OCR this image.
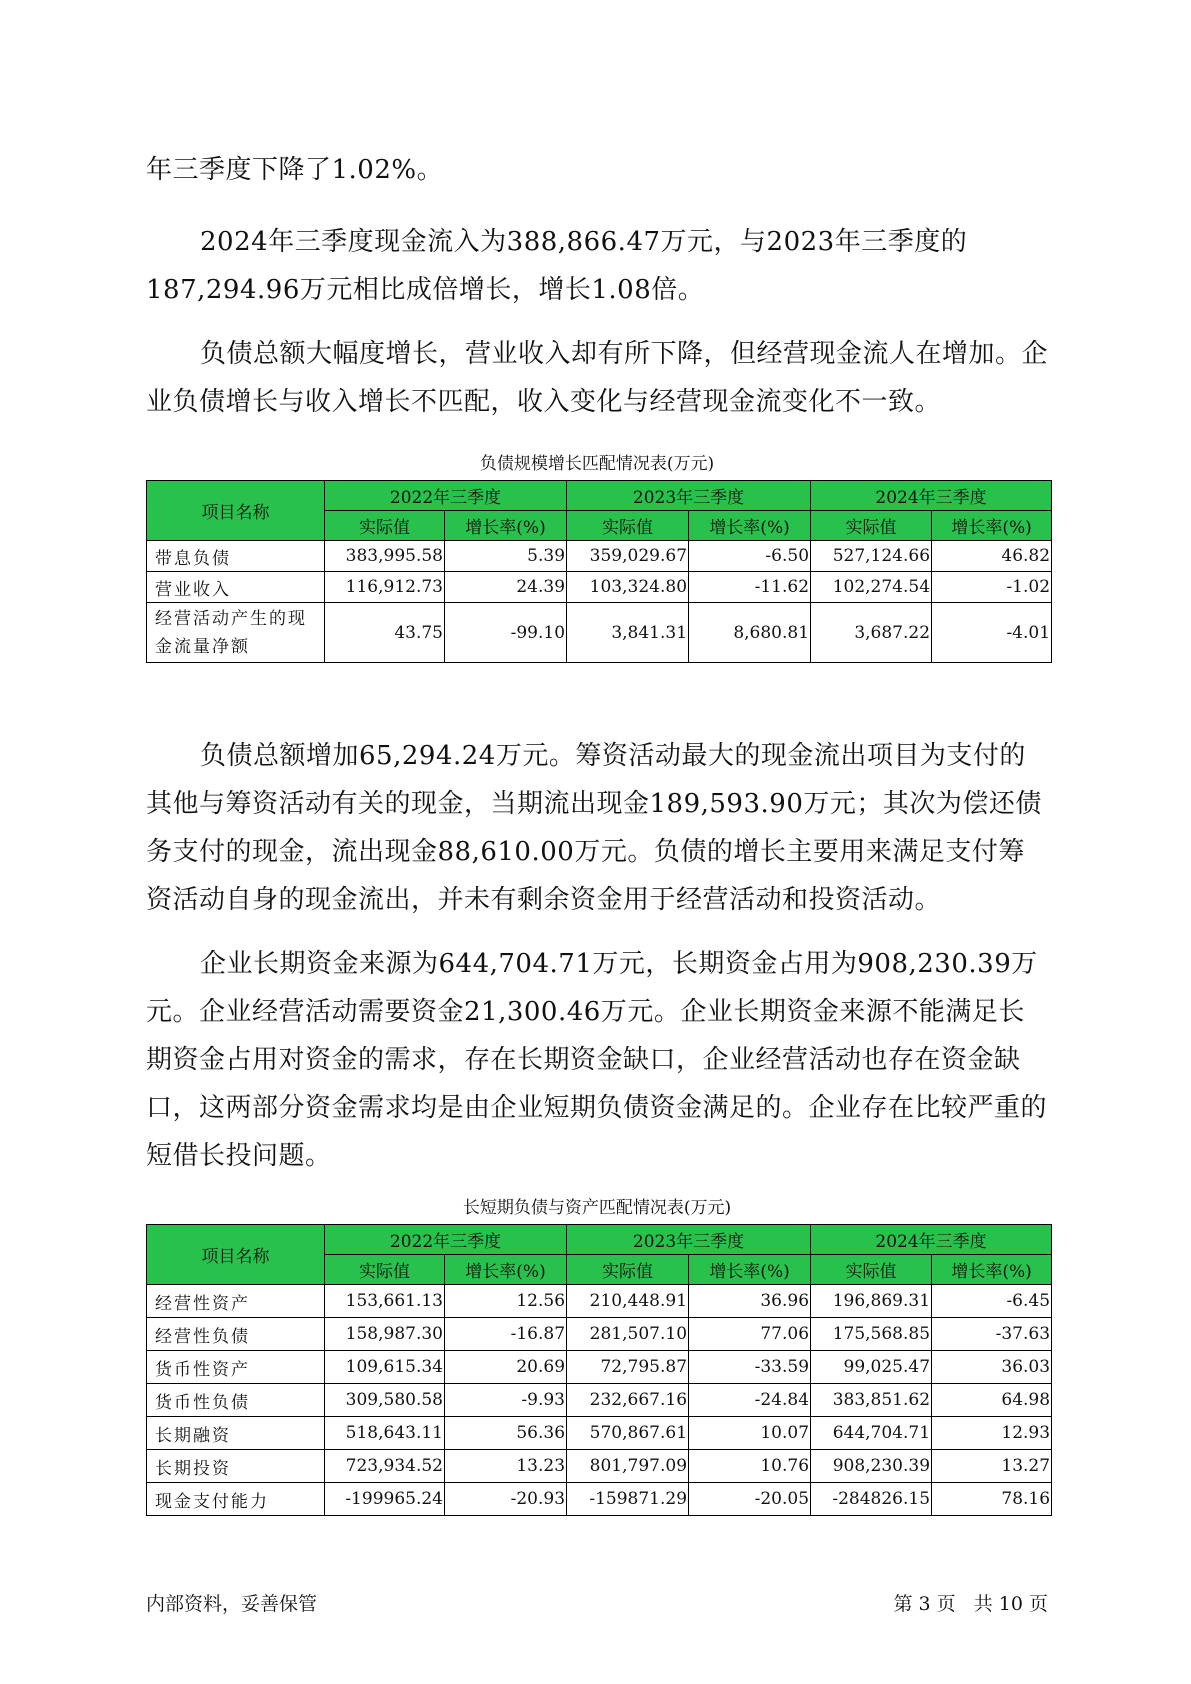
年三季度下降了1.02%。

2024年三季度现金流入为388,866.47万元，与2023年三季度的187,294.96万元相比成倍增长，增长1.08倍。

负债总额大幅度增长，营业收入却有所下降，但经营现金流人在增加。企业负债增长与收入增长不匹配，收入变化与经营现金流变化不一致。

负债规模增长匹配情况表(万元)
项目名称	2022年三季度		2023年三季度		2024年三季度	
	实际值	增长率(%)	实际值	增长率(%)	实际值	增长率(%)
带息负债	383,995.58	5.39	359,029.67	-6.50	527,124.66	46.82
营业收入	116,912.73	24.39	103,324.80	-11.62	102,274.54	-1.02
经营活动产生的现金流量净额	43.75	-99.10	3,841.31	8,680.81	3,687.22	-4.01

负债总额增加65,294.24万元。筹资活动最大的现金流出项目为支付的其他与筹资活动有关的现金，当期流出现金189,593.90万元；其次为偿还债务支付的现金，流出现金88,610.00万元。负债的增长主要用来满足支付筹资活动自身的现金流出，并未有剩余资金用于经营活动和投资活动。

企业长期资金来源为644,704.71万元，长期资金占用为908,230.39万元。企业经营活动需要资金21,300.46万元。企业长期资金来源不能满足长期资金占用对资金的需求，存在长期资金缺口，企业经营活动也存在资金缺口，这两部分资金需求均是由企业短期负债资金满足的。企业存在比较严重的短借长投问题。

长短期负债与资产匹配情况表(万元)
项目名称	2022年三季度		2023年三季度		2024年三季度	
	实际值	增长率(%)	实际值	增长率(%)	实际值	增长率(%)
经营性资产	153,661.13	12.56	210,448.91	36.96	196,869.31	-6.45
经营性负债	158,987.30	-16.87	281,507.10	77.06	175,568.85	-37.63
货币性资产	109,615.34	20.69	72,795.87	-33.59	99,025.47	36.03
货币性负债	309,580.58	-9.93	232,667.16	-24.84	383,851.62	64.98
长期融资	518,643.11	56.36	570,867.61	10.07	644,704.71	12.93
长期投资	723,934.52	13.23	801,797.09	10.76	908,230.39	13.27
现金支付能力	-199965.24	-20.93	-159871.29	-20.05	-284826.15	78.16
内部资料，妥善保管	第 3 页   共 10 页
